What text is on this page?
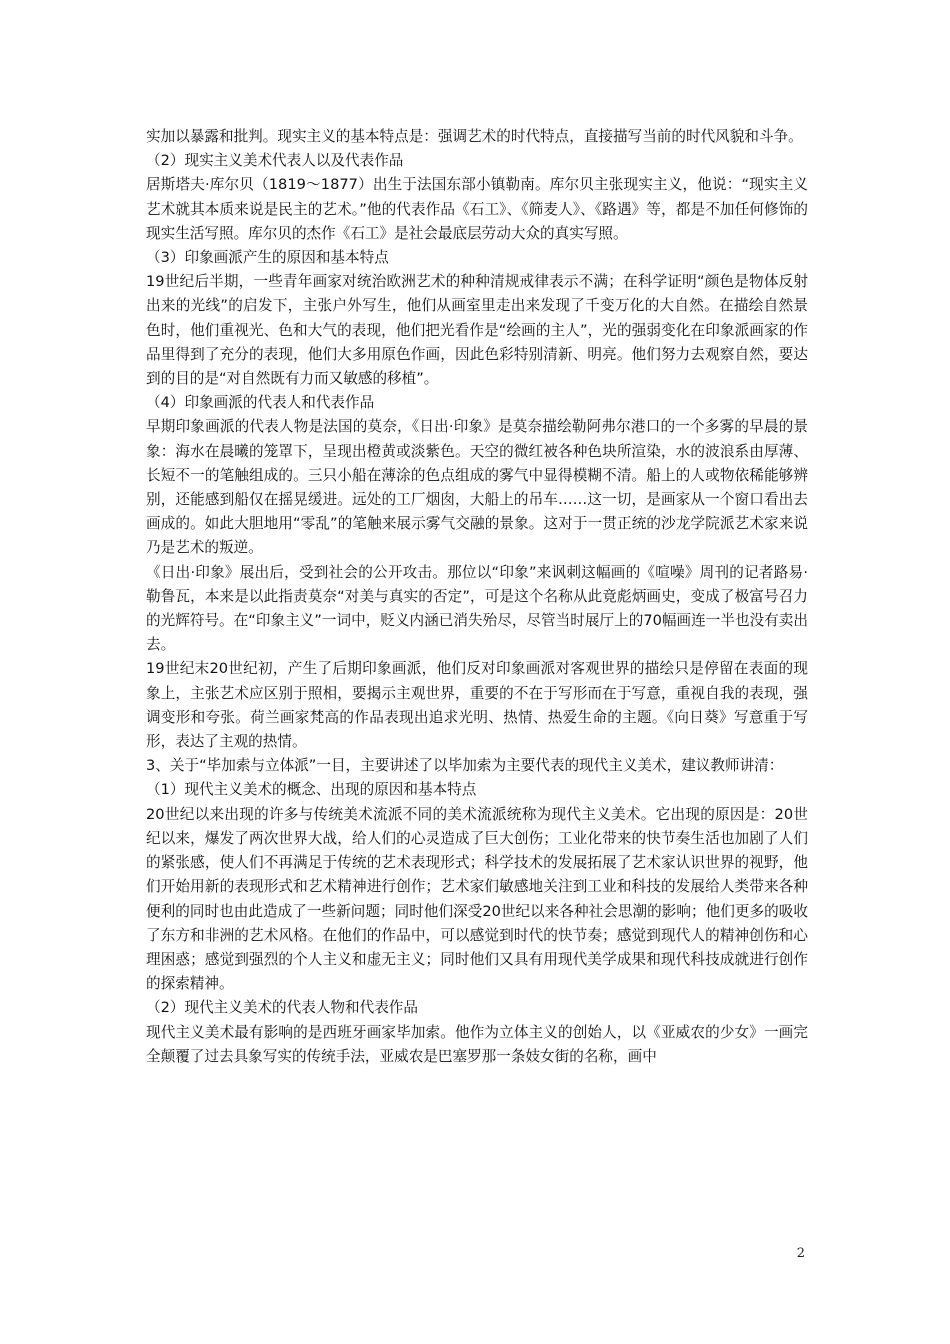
实加以暴露和批判。现实主义的基本特点是：强调艺术的时代特点，直接描写当前的时代风貌和斗争。

（2）现实主义美术代表人以及代表作品

居斯塔夫·库尔贝（1819～1877）出生于法国东部小镇勒南。库尔贝主张现实主义，他说：“现实主义艺术就其本质来说是民主的艺术。”他的代表作品《石工》、《筛麦人》、《路遇》等，都是不加任何修饰的现实生活写照。库尔贝的杰作《石工》是社会最底层劳动大众的真实写照。

（3）印象画派产生的原因和基本特点

19世纪后半期，一些青年画家对统治欧洲艺术的种种清规戒律表示不满；在科学证明“颜色是物体反射出来的光线”的启发下，主张户外写生，他们从画室里走出来发现了千变万化的大自然。在描绘自然景色时，他们重视光、色和大气的表现，他们把光看作是“绘画的主人”，光的强弱变化在印象派画家的作品里得到了充分的表现，他们大多用原色作画，因此色彩特别清新、明亮。他们努力去观察自然，要达到的目的是“对自然既有力而又敏感的移植”。

（4）印象画派的代表人和代表作品

早期印象画派的代表人物是法国的莫奈，《日出·印象》是莫奈描绘勒阿弗尔港口的一个多雾的早晨的景象：海水在晨曦的笼罩下，呈现出橙黄或淡紫色。天空的微红被各种色块所渲染，水的波浪系由厚薄、长短不一的笔触组成的。三只小船在薄涂的色点组成的雾气中显得模糊不清。船上的人或物依稀能够辨别，还能感到船仅在摇晃缓进。远处的工厂烟囱，大船上的吊车……这一切，是画家从一个窗口看出去画成的。如此大胆地用“零乱”的笔触来展示雾气交融的景象。这对于一贯正统的沙龙学院派艺术家来说乃是艺术的叛逆。

《日出·印象》展出后，受到社会的公开攻击。那位以“印象”来讽刺这幅画的《喧噪》周刊的记者路易·勒鲁瓦，本来是以此指责莫奈“对美与真实的否定”，可是这个名称从此竟彪炳画史，变成了极富号召力的光辉符号。在“印象主义”一词中，贬义内涵已消失殆尽，尽管当时展厅上的70幅画连一半也没有卖出去。

19世纪末20世纪初，产生了后期印象画派，他们反对印象画派对客观世界的描绘只是停留在表面的现象上，主张艺术应区别于照相，要揭示主观世界，重要的不在于写形而在于写意，重视自我的表现，强调变形和夸张。荷兰画家梵高的作品表现出追求光明、热情、热爱生命的主题。《向日葵》写意重于写形，表达了主观的热情。

3、关于“毕加索与立体派”一目，主要讲述了以毕加索为主要代表的现代主义美术，建议教师讲清：

（1）现代主义美术的概念、出现的原因和基本特点

20世纪以来出现的许多与传统美术流派不同的美术流派统称为现代主义美术。它出现的原因是：20世纪以来，爆发了两次世界大战，给人们的心灵造成了巨大创伤；工业化带来的快节奏生活也加剧了人们的紧张感，使人们不再满足于传统的艺术表现形式；科学技术的发展拓展了艺术家认识世界的视野，他们开始用新的表现形式和艺术精神进行创作；艺术家们敏感地关注到工业和科技的发展给人类带来各种便利的同时也由此造成了一些新问题；同时他们深受20世纪以来各种社会思潮的影响；他们更多的吸收了东方和非洲的艺术风格。在他们的作品中，可以感觉到时代的快节奏；感觉到现代人的精神创伤和心理困惑；感觉到强烈的个人主义和虚无主义；同时他们又具有用现代美学成果和现代科技成就进行创作的探索精神。

（2）现代主义美术的代表人物和代表作品

现代主义美术最有影响的是西班牙画家毕加索。他作为立体主义的创始人，以《亚威农的少女》一画完全颠覆了过去具象写实的传统手法，亚威农是巴塞罗那一条妓女街的名称，画中

2
